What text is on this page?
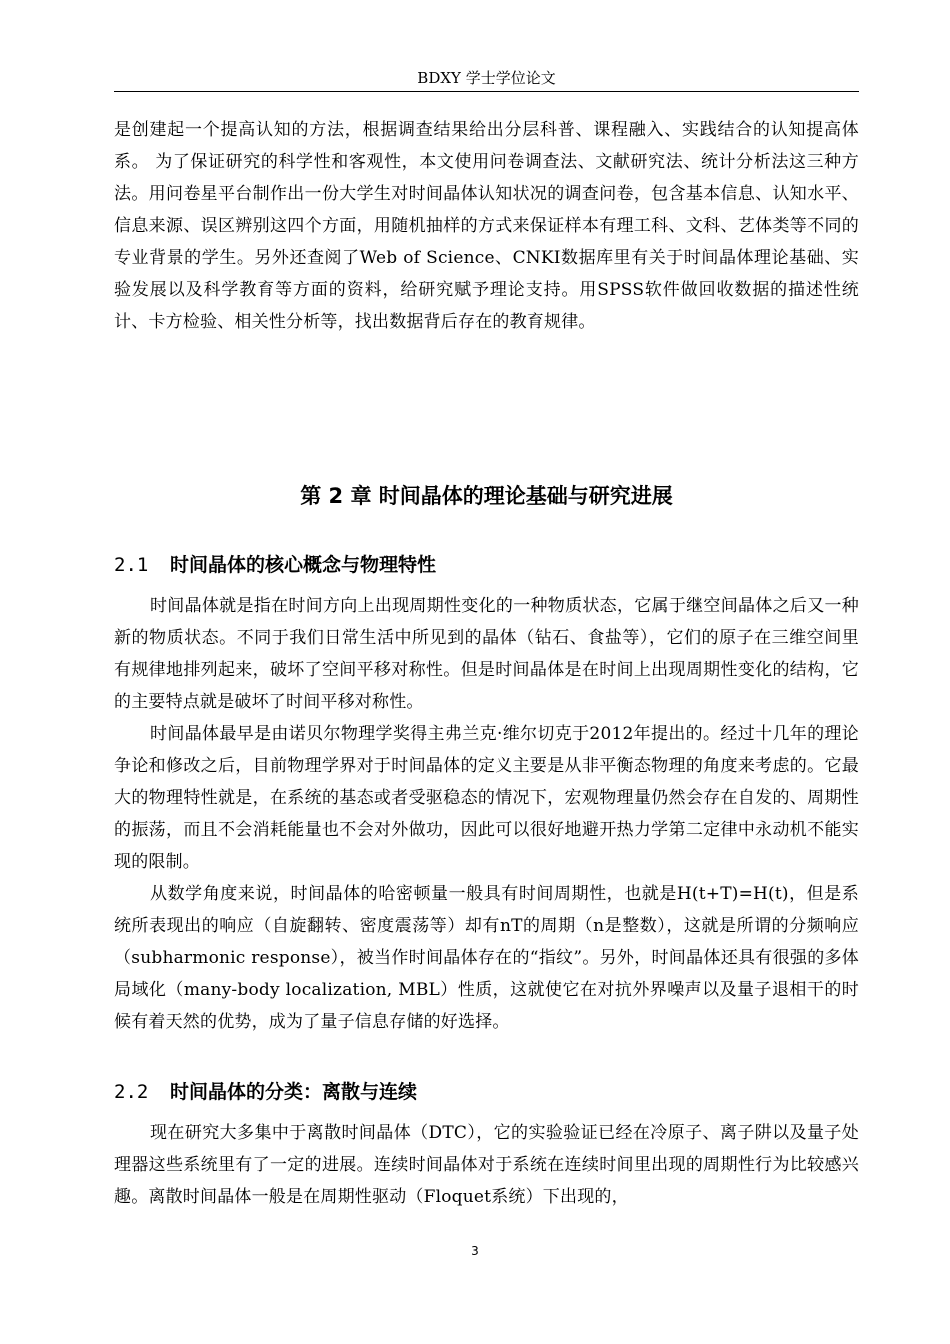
BDXY 学士学位论文

是创建起一个提高认知的方法，根据调查结果给出分层科普、课程融入、实践结合的认知提高体系。 为了保证研究的科学性和客观性，本文使用问卷调查法、文献研究法、统计分析法这三种方法。用问卷星平台制作出一份大学生对时间晶体认知状况的调查问卷，包含基本信息、认知水平、信息来源、误区辨别这四个方面，用随机抽样的方式来保证样本有理工科、文科、艺体类等不同的专业背景的学生。另外还查阅了Web of Science、CNKI数据库里有关于时间晶体理论基础、实验发展以及科学教育等方面的资料，给研究赋予理论支持。用SPSS软件做回收数据的描述性统计、卡方检验、相关性分析等，找出数据背后存在的教育规律。

第 2 章 时间晶体的理论基础与研究进展
2.1 时间晶体的核心概念与物理特性

时间晶体就是指在时间方向上出现周期性变化的一种物质状态，它属于继空间晶体之后又一种新的物质状态。不同于我们日常生活中所见到的晶体（钻石、食盐等），它们的原子在三维空间里有规律地排列起来，破坏了空间平移对称性。但是时间晶体是在时间上出现周期性变化的结构，它的主要特点就是破坏了时间平移对称性。

时间晶体最早是由诺贝尔物理学奖得主弗兰克·维尔切克于2012年提出的。经过十几年的理论争论和修改之后，目前物理学界对于时间晶体的定义主要是从非平衡态物理的角度来考虑的。它最大的物理特性就是，在系统的基态或者受驱稳态的情况下，宏观物理量仍然会存在自发的、周期性的振荡，而且不会消耗能量也不会对外做功，因此可以很好地避开热力学第二定律中永动机不能实现的限制。

从数学角度来说，时间晶体的哈密顿量一般具有时间周期性，也就是H(t+T)=H(t)，但是系统所表现出的响应（自旋翻转、密度震荡等）却有nT的周期（n是整数），这就是所谓的分频响应（subharmonic response），被当作时间晶体存在的“指纹”。另外，时间晶体还具有很强的多体局域化（many-body localization, MBL）性质，这就使它在对抗外界噪声以及量子退相干的时候有着天然的优势，成为了量子信息存储的好选择。

2.2 时间晶体的分类：离散与连续

现在研究大多集中于离散时间晶体（DTC），它的实验验证已经在冷原子、离子阱以及量子处理器这些系统里有了一定的进展。连续时间晶体对于系统在连续时间里出现的周期性行为比较感兴趣。离散时间晶体一般是在周期性驱动（Floquet系统）下出现的，

3
